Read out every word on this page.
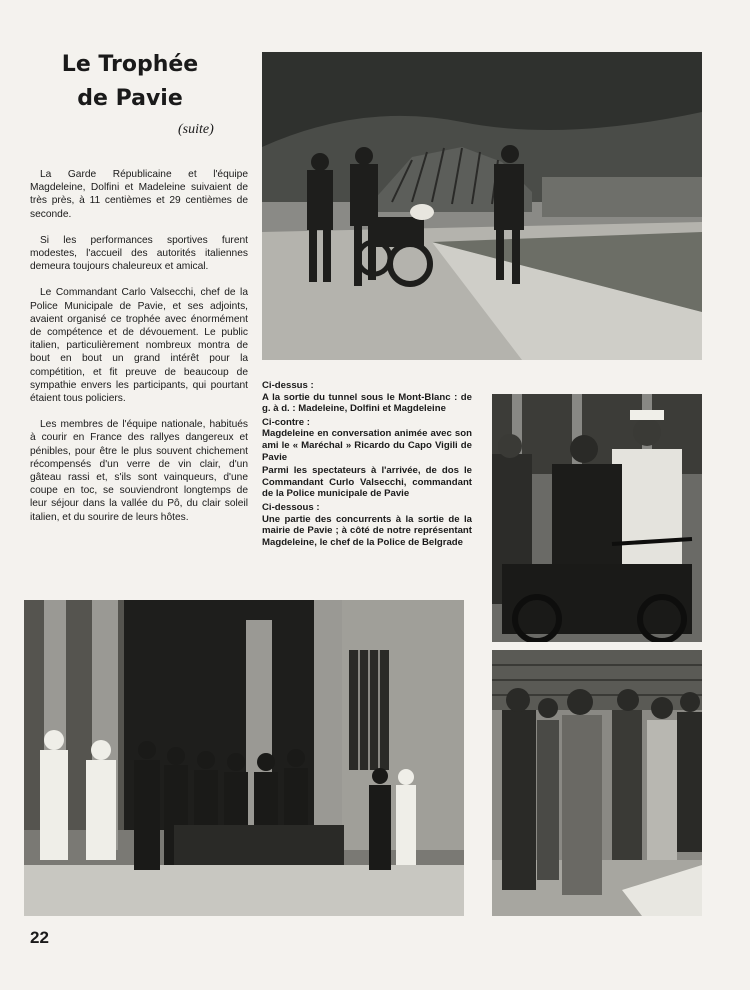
Le Trophée
de Pavie
(suite)

La Garde Républicaine et l'équipe Magdeleine, Dolfini et Madeleine suivaient de très près, à 11 centièmes et 29 centièmes de seconde.

Si les performances sportives furent modestes, l'accueil des autorités italiennes demeura toujours chaleureux et amical.

Le Commandant Carlo Valsecchi, chef de la Police Municipale de Pavie, et ses adjoints, avaient organisé ce trophée avec énormément de compétence et de dévouement. Le public italien, particulièrement nombreux montra de bout en bout un grand intérêt pour la compétition, et fit preuve de beaucoup de sympathie envers les participants, qui pourtant étaient tous policiers.

Les membres de l'équipe nationale, habitués à courir en France des rallyes dangereux et pénibles, pour être le plus souvent chichement récompensés d'un verre de vin clair, d'un gâteau rassi et, s'ils sont vainqueurs, d'une coupe en toc, se souviendront longtemps de leur séjour dans la vallée du Pô, du clair soleil italien, et du sourire de leurs hôtes.

Ci-dessus :

A la sortie du tunnel sous le Mont-Blanc : de g. à d. : Madeleine, Dolfini et Magdeleine

Ci-contre :

Magdeleine en conversation animée avec son ami le « Maréchal » Ricardo du Capo Vigili de Pavie

Parmi les spectateurs à l'arrivée, de dos le Commandant Curlo Valsecchi, commandant de la Police municipale de Pavie

Ci-dessous :

Une partie des concurrents à la sortie de la mairie de Pavie ; à côté de notre représentant Magdeleine, le chef de la Police de Belgrade

22
